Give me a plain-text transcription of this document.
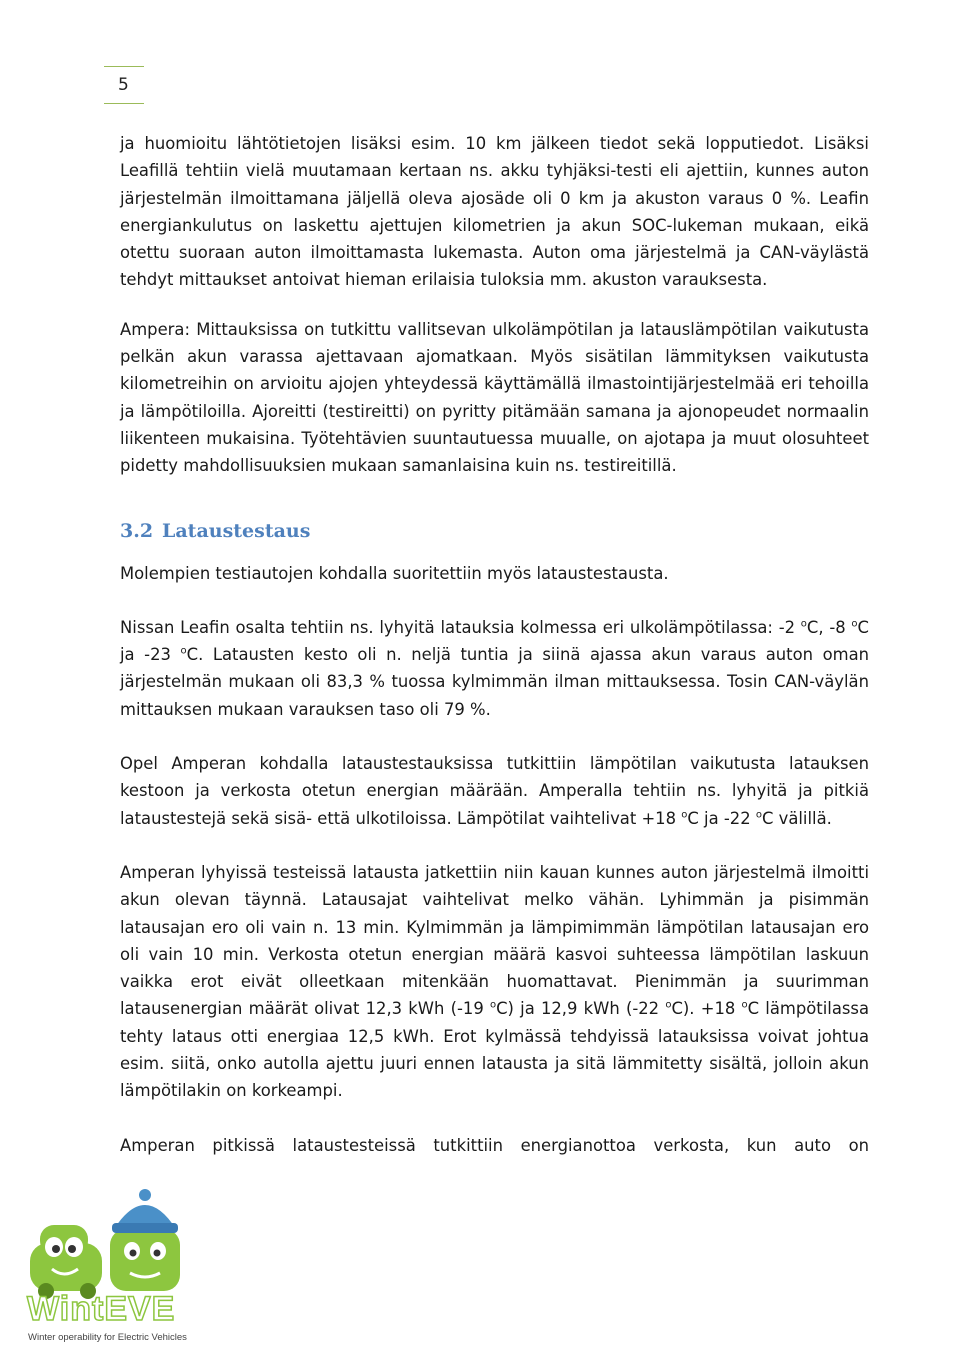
5

ja huomioitu lähtötietojen lisäksi esim. 10 km jälkeen tiedot sekä lopputiedot. Lisäksi Leafillä tehtiin vielä muutamaan kertaan ns. akku tyhjäksi-testi eli ajettiin, kunnes auton järjestelmän ilmoittamana jäljellä oleva ajosäde oli 0 km ja akuston varaus 0 %. Leafin energiankulutus on laskettu ajettujen kilometrien ja akun SOC-lukeman mukaan, eikä otettu suoraan auton ilmoittamasta lukemasta. Auton oma järjestelmä ja CAN-väylästä tehdyt mittaukset antoivat hieman erilaisia tuloksia mm. akuston varauksesta.

Ampera: Mittauksissa on tutkittu vallitsevan ulkolämpötilan ja latauslämpötilan vaikutusta pelkän akun varassa ajettavaan ajomatkaan. Myös sisätilan lämmityksen vaikutusta kilometreihin on arvioitu ajojen yhteydessä käyttämällä ilmastointijärjestelmää eri tehoilla ja lämpötiloilla. Ajoreitti (testireitti) on pyritty pitämään samana ja ajonopeudet normaalin liikenteen mukaisina. Työtehtävien suuntautuessa muualle, on ajotapa ja muut olosuhteet pidetty mahdollisuuksien mukaan samanlaisina kuin ns. testireitillä.

3.2 Lataustestaus

Molempien testiautojen kohdalla suoritettiin myös lataustestausta.

Nissan Leafin osalta tehtiin ns. lyhyitä latauksia kolmessa eri ulkolämpötilassa: -2 $^o$C, -8 $^o$C ja -23 $^o$C. Latausten kesto oli n. neljä tuntia ja siinä ajassa akun varaus auton oman järjestelmän mukaan oli 83,3 % tuossa kylmimmän ilman mittauksessa. Tosin CAN-väylän mittauksen mukaan varauksen taso oli 79 %.

Opel Amperan kohdalla lataustestauksissa tutkittiin lämpötilan vaikutusta latauksen kestoon ja verkosta otetun energian määrään. Amperalla tehtiin ns. lyhyitä ja pitkiä lataustestejä sekä sisä- että ulkotiloissa. Lämpötilat vaihtelivat +18 $^o$C ja -22 $^o$C välillä.

Amperan lyhyissä testeissä latausta jatkettiin niin kauan kunnes auton järjestelmä ilmoitti akun olevan täynnä. Latausajat vaihtelivat melko vähän. Lyhimmän ja pisimmän latausajan ero oli vain n. 13 min. Kylmimmän ja lämpimimmän lämpötilan latausajan ero oli vain 10 min. Verkosta otetun energian määrä kasvoi suhteessa lämpötilan laskuun vaikka erot eivät olleetkaan mitenkään huomattavat. Pienimmän ja suurimman latausenergian määrät olivat 12,3 kWh (-19 $^o$C) ja 12,9 kWh (-22 $^o$C). +18 $^o$C lämpötilassa tehty lataus otti energiaa 12,5 kWh. Erot kylmässä tehdyissä latauksissa voivat johtua esim. siitä, onko autolla ajettu juuri ennen latausta ja sitä lämmitetty sisältä, jolloin akun lämpötilakin on korkeampi.

Amperan pitkissä lataustesteissä tutkittiin energianottoa verkosta, kun auto on

WintEVE
Winter operability for Electric Vehicles
